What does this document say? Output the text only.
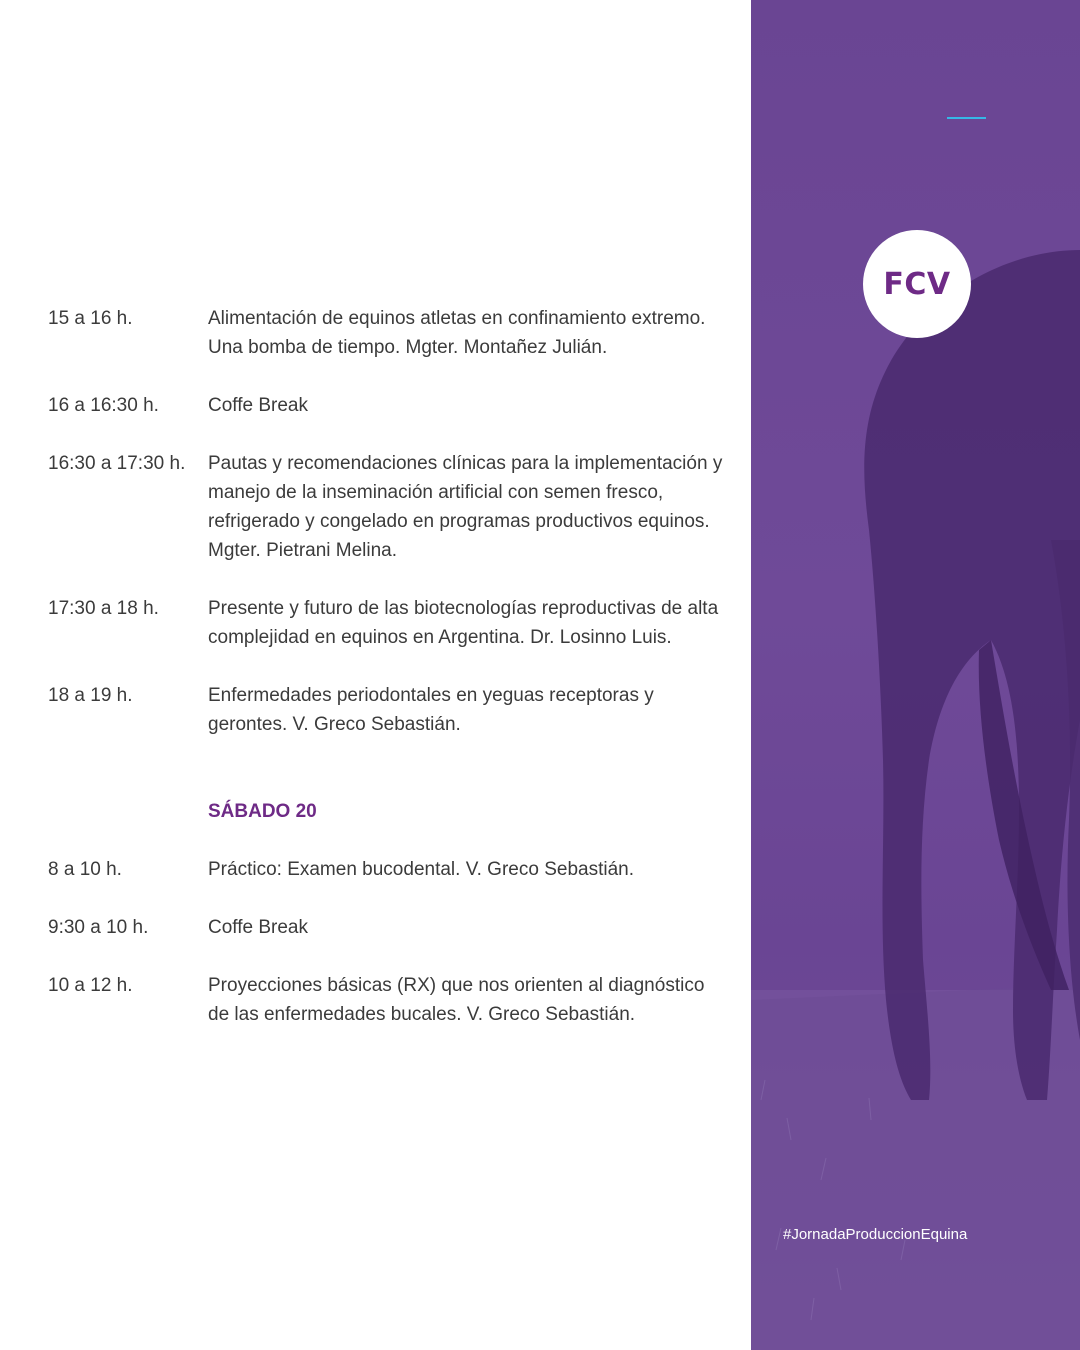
15 a 16 h.	Alimentación de equinos atletas en confinamiento extremo. Una bomba de tiempo. Mgter. Montañez Julián.
16 a 16:30 h.	Coffe Break
16:30 a 17:30 h.	Pautas y recomendaciones clínicas para la implementación y manejo de la inseminación artificial con semen fresco, refrigerado y congelado en programas productivos equinos. Mgter. Pietrani Melina.
17:30 a 18 h.	Presente y futuro de las biotecnologías reproductivas de alta complejidad en equinos en Argentina. Dr. Losinno Luis.
18 a 19 h.	Enfermedades periodontales en yeguas receptoras y gerontes. V. Greco Sebastián.
SÁBADO 20
8 a 10 h.	Práctico: Examen bucodental. V. Greco Sebastián.
9:30 a 10 h.	Coffe Break
10 a 12 h.	Proyecciones básicas (RX) que nos orienten al diagnóstico de las enfermedades bucales. V. Greco Sebastián.
FCV
#JornadaProduccionEquina
